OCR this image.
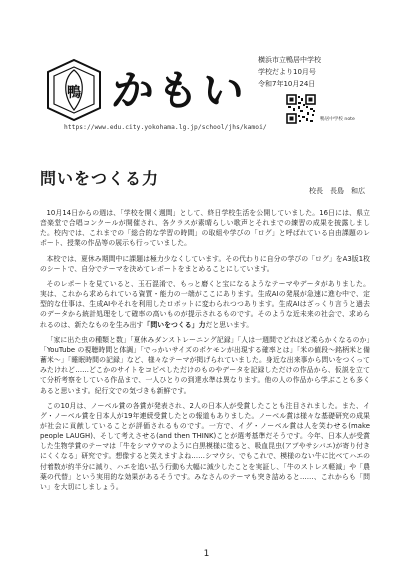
鴨 かもい
横浜市立鴨居中学校
学校だより10月号
令和7年10月24日
https://www.edu.city.yokohama.lg.jp/school/jhs/kamoi/
鴨居中学校 note
問いをつくる力
校長　長島　和広

10月14日からの週は、「学校を開く週間」として、終日学校生活を公開していました。16日には、県立音楽堂で合唱コンクールが開催され、各クラスが素晴らしい歌声とそれまでの練習の成果を披露しました。校内では、これまでの「総合的な学習の時間」の取組や学びの「ログ」と呼ばれている自由課題のレポート、授業の作品等の展示も行っていました。

本校では、夏休み期間中に課題は極力少なくしています。その代わりに自分の学びの「ログ」をA3版1枚のシートで、自分でテーマを決めてレポートをまとめることにしています。

そのレポートを見ていると、玉石混淆で、もっと磨くと宝になるようなテーマやデータがありました。実は、これから求められている資質・能力の一端がここにあります。生成AIの発展が急速に進む中で、定型的な仕事は、生成AIやそれを利用したロボットに変わられつつあります。生成AIはざっくり言うと過去のデータから統計処理をして確率の高いものが提示されるものです。そのような近未来の社会で、求められるのは、新たなものを生み出す「問いをつくる」力だと思います。

「家に出た虫の種類と数」「夏休みダンストレーニング記録」「人は一週間でどれほど柔らかくなるのか」「YouTube の視聴時間と体調」「でっかいサイズのポケモンが出現する確率とは」「米の値段〜銘柄米と備蓄米〜」「睡眠時間の記録」など、様々なテーマが掲げられていました。身近な出来事から問いをつくってみたけれど……どこかのサイトをコピペしただけのものやデータを記録しただけの作品から、仮説を立てて分析考察をしている作品まで、一人ひとりの到達水準は異なります。他の人の作品から学ぶことも多くあると思います。紀行文での気づきも新鮮です。

この10月は、ノーベル賞の各賞が発表され、2人の日本人が受賞したことも注目されました。また、イグ・ノーベル賞を日本人が19年連続受賞したとの報道もありました。ノーベル賞は様々な基礎研究の成果が社会に貢献していることが評価されるものです。一方で、イグ・ノーベル賞は人を笑わせる(make people LAUGH)、そして考えさせる(and then THINK)ことが選考基準だそうです。今年、日本人が受賞した生物学賞のテーマは「牛をシマウマのように白黒模様に塗ると、吸血昆虫(アブやサシバエ)が寄り付きにくくなる」研究です。想像すると笑えますよね……シマウシ、でもこれで、模様のない牛に比べてハエの付着数が約半分に減り、ハエを追い払う行動も大幅に減少したことを実証し、「牛のストレス軽減」や「農薬の代替」という実用的な効果があるそうです。みなさんのテーマも突き詰めると……、これからも「問い」を大切にしましょう。

1
